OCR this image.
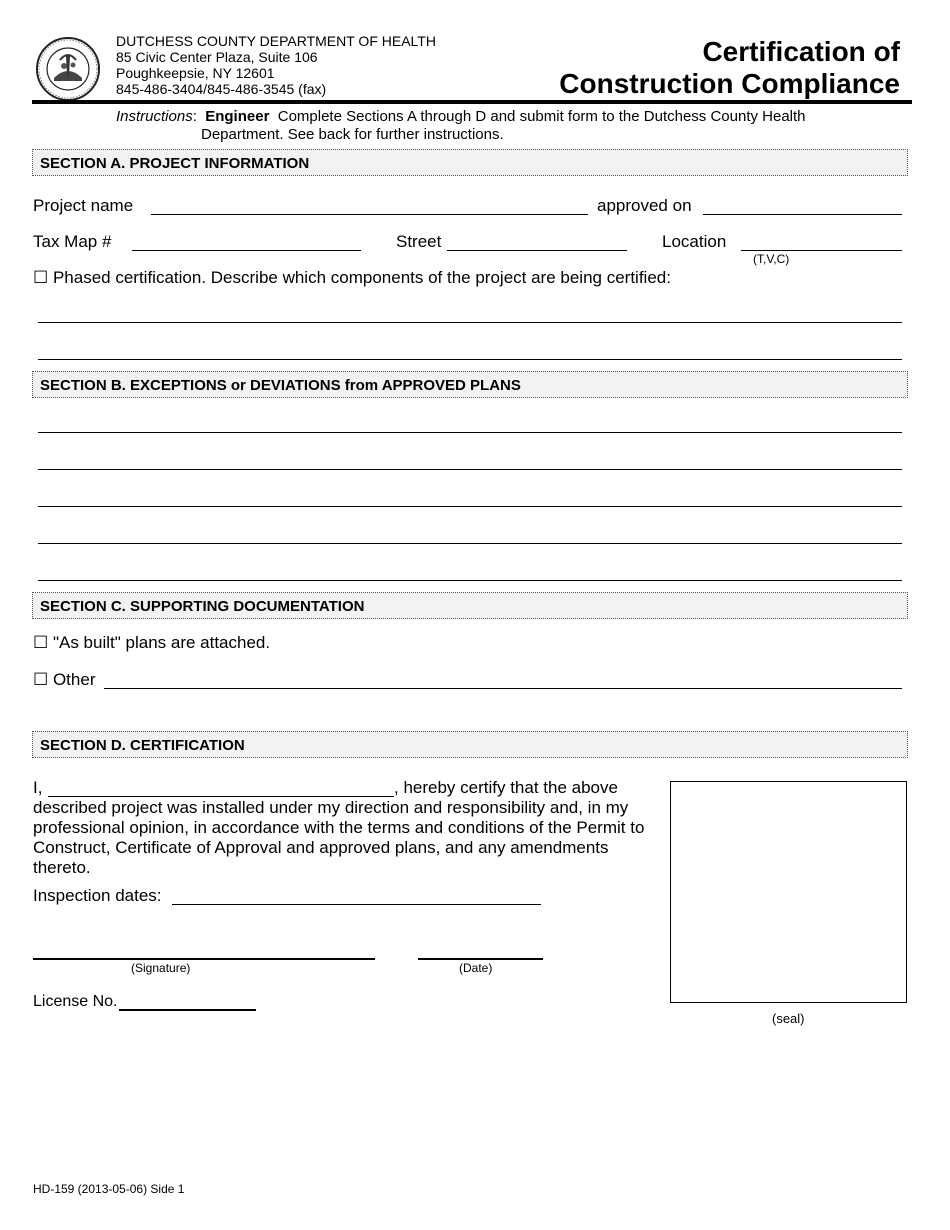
DUTCHESS COUNTY DEPARTMENT OF HEALTH
85 Civic Center Plaza, Suite 106
Poughkeepsie, NY 12601
845-486-3404/845-486-3545 (fax)
Certification of
Construction Compliance
Instructions:  Engineer Complete Sections A through D and submit form to the Dutchess County Health
Department. See back for further instructions.
SECTION A. PROJECT INFORMATION
Project name	approved on
Tax Map #	Street	Location
(T,V,C)
☐ Phased certification. Describe which components of the project are being certified:
SECTION B. EXCEPTIONS or DEVIATIONS from APPROVED PLANS
SECTION C. SUPPORTING DOCUMENTATION
☐ "As built" plans are attached.
☐ Other
SECTION D. CERTIFICATION
I,	, hereby certify that the above
described project was installed under my direction and responsibility and, in my
professional opinion, in accordance with the terms and conditions of the Permit to
Construct, Certificate of Approval and approved plans, and any amendments
thereto.
Inspection dates:
(Signature)	(Date)
License No.
(seal)
HD-159 (2013-05-06) Side 1
